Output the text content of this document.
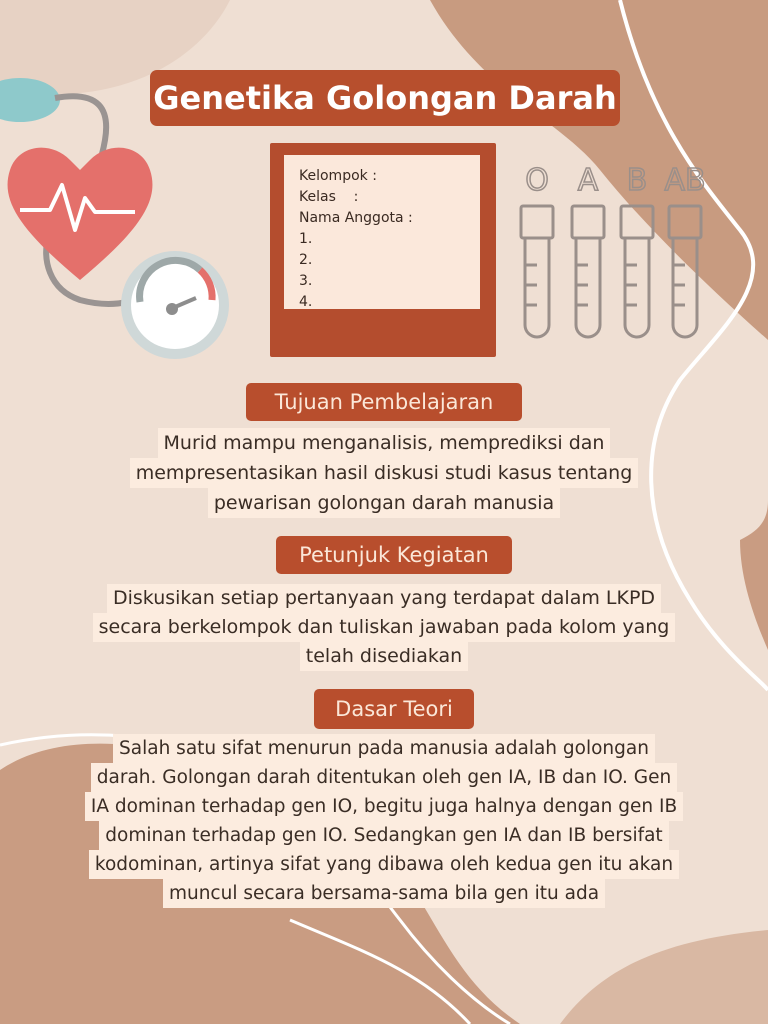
Genetika Golongan Darah
Kelompok :
Kelas    :
Nama Anggota :
1.
2.
3.
4.
O A B AB
Tujuan Pembelajaran
Murid mampu menganalisis, memprediksi dan
mempresentasikan hasil diskusi studi kasus tentang
pewarisan golongan darah manusia
Petunjuk Kegiatan
Diskusikan setiap pertanyaan yang terdapat dalam LKPD
secara berkelompok dan tuliskan jawaban pada kolom yang
telah disediakan
Dasar Teori
Salah satu sifat menurun pada manusia adalah golongan
darah. Golongan darah ditentukan oleh gen IA, IB dan IO. Gen
IA dominan terhadap gen IO, begitu juga halnya dengan gen IB
dominan terhadap gen IO. Sedangkan gen IA dan IB bersifat
kodominan, artinya sifat yang dibawa oleh kedua gen itu akan
muncul secara bersama-sama bila gen itu ada
